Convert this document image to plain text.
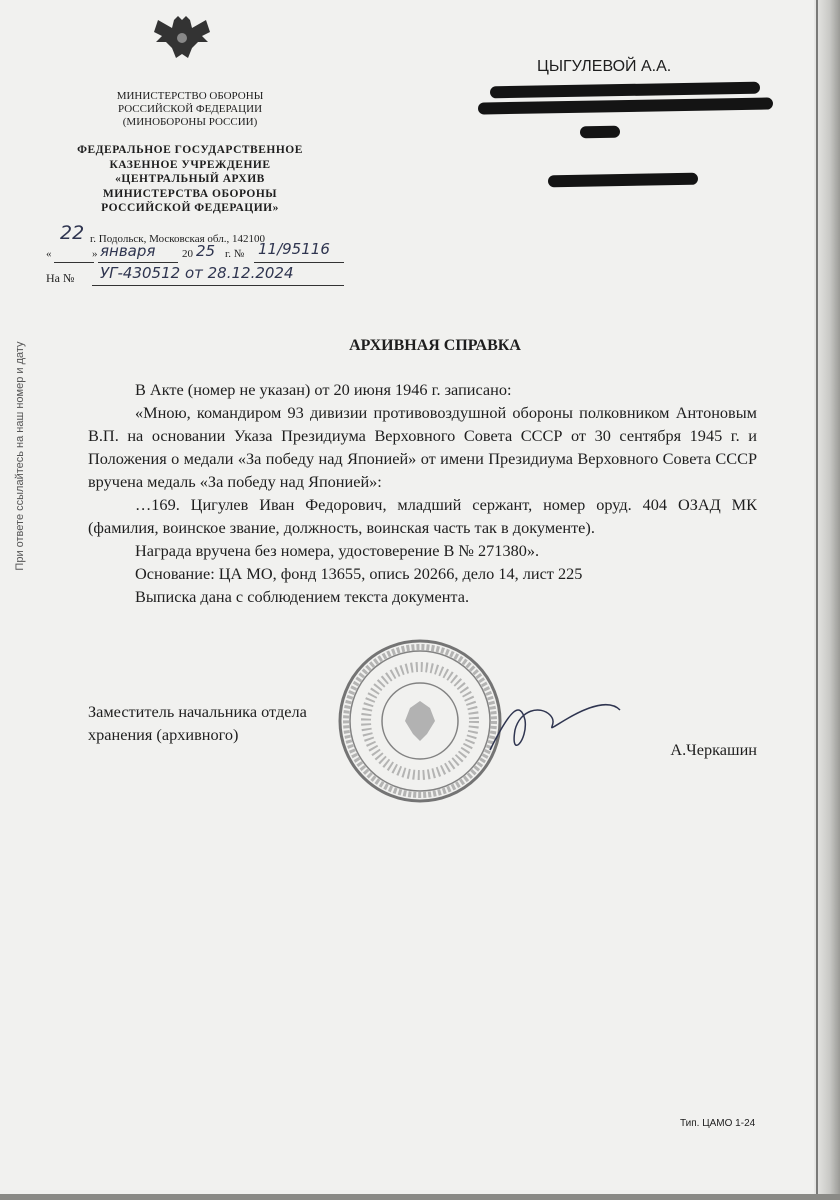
МИНИСТЕРСТВО ОБОРОНЫ
РОССИЙСКОЙ ФЕДЕРАЦИИ
(МИНОБОРОНЫ РОССИИ)
ФЕДЕРАЛЬНОЕ ГОСУДАРСТВЕННОЕ
КАЗЕННОЕ УЧРЕЖДЕНИЕ
«ЦЕНТРАЛЬНЫЙ АРХИВ
МИНИСТЕРСТВА ОБОРОНЫ
РОССИЙСКОЙ ФЕДЕРАЦИИ»
г. Подольск, Московская обл., 142100
22
«	» января 20 25 г. № 11/95116
На № УГ-430512 от 28.12.2024
При ответе ссылайтесь на наш номер и дату
ЦЫГУЛЕВОЙ А.А.
АРХИВНАЯ СПРАВКА

В Акте (номер не указан) от 20 июня 1946 г. записано:

«Мною, командиром 93 дивизии противовоздушной обороны полковником Антоновым В.П. на основании Указа Президиума Верховного Совета СССР от 30 сентября 1945 г. и Положения о медали «За победу над Японией» от имени Президиума Верховного Совета СССР вручена медаль «За победу над Японией»:

…169. Цигулев Иван Федорович, младший сержант, номер оруд. 404 ОЗАД МК (фамилия, воинское звание, должность, воинская часть так в документе).

Награда вручена без номера, удостоверение В № 271380».

Основание: ЦА МО, фонд 13655, опись 20266, дело 14, лист 225

Выписка дана с соблюдением текста документа.

Заместитель начальника отдела
хранения (архивного)
А.Черкашин
Тип. ЦАМО 1-24
